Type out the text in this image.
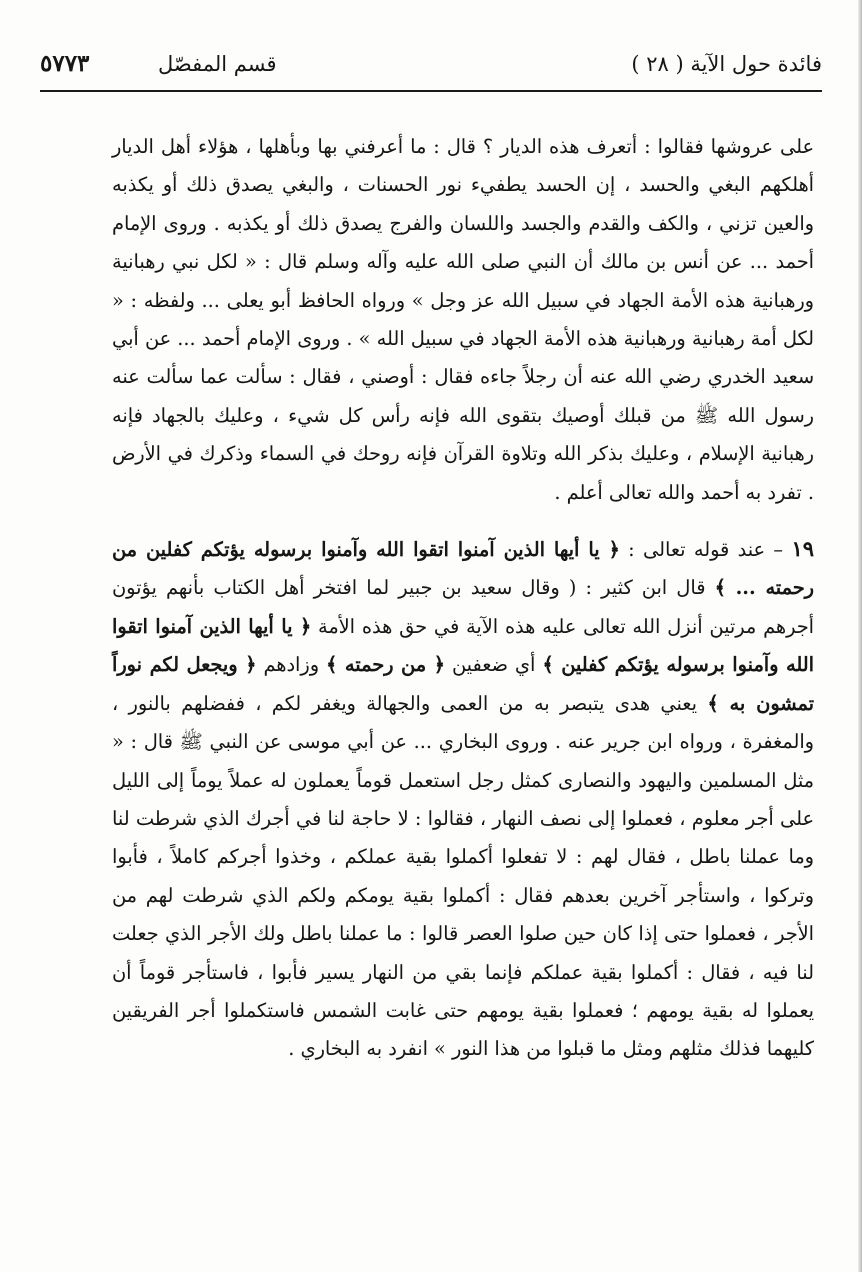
فائدة حول الآية ( ٢٨ )
قسم المفصّل
٥٧٧٣

على عروشها فقالوا : أتعرف هذه الديار ؟ قال : ما أعرفني بها وبأهلها ، هؤلاء أهل الديار أهلكهم البغي والحسد ، إن الحسد يطفيء نور الحسنات ، والبغي يصدق ذلك أو يكذبه والعين تزني ، والكف والقدم والجسد واللسان والفرج يصدق ذلك أو يكذبه . وروى الإمام أحمد ... عن أنس بن مالك أن النبي صلى الله عليه وآله وسلم قال : « لكل نبي رهبانية ورهبانية هذه الأمة الجهاد في سبيل الله عز وجل » ورواه الحافظ أبو يعلى ... ولفظه : « لكل أمة رهبانية ورهبانية هذه الأمة الجهاد في سبيل الله » . وروى الإمام أحمد ... عن أبي سعيد الخدري رضي الله عنه أن رجلاً جاءه فقال : أوصني ، فقال : سألت عما سألت عنه رسول الله ﷺ من قبلك أوصيك بتقوى الله فإنه رأس كل شيء ، وعليك بالجهاد فإنه رهبانية الإسلام ، وعليك بذكر الله وتلاوة القرآن فإنه روحك في السماء وذكرك في الأرض . تفرد به أحمد والله تعالى أعلم .

١٩ – عند قوله تعالى : ﴿ يا أيها الذين آمنوا اتقوا الله وآمنوا برسوله يؤتكم كفلين من رحمته ... ﴾ قال ابن كثير : ( وقال سعيد بن جبير لما افتخر أهل الكتاب بأنهم يؤتون أجرهم مرتين أنزل الله تعالى عليه هذه الآية في حق هذه الأمة ﴿ يا أيها الذين آمنوا اتقوا الله وآمنوا برسوله يؤتكم كفلين ﴾ أي ضعفين ﴿ من رحمته ﴾ وزادهم ﴿ ويجعل لكم نوراً تمشون به ﴾ يعني هدى يتبصر به من العمى والجهالة ويغفر لكم ، ففضلهم بالنور ، والمغفرة ، ورواه ابن جرير عنه . وروى البخاري ... عن أبي موسى عن النبي ﷺ قال : « مثل المسلمين واليهود والنصارى كمثل رجل استعمل قوماً يعملون له عملاً يوماً إلى الليل على أجر معلوم ، فعملوا إلى نصف النهار ، فقالوا : لا حاجة لنا في أجرك الذي شرطت لنا وما عملنا باطل ، فقال لهم : لا تفعلوا أكملوا بقية عملكم ، وخذوا أجركم كاملاً ، فأبوا وتركوا ، واستأجر آخرين بعدهم فقال : أكملوا بقية يومكم ولكم الذي شرطت لهم من الأجر ، فعملوا حتى إذا كان حين صلوا العصر قالوا : ما عملنا باطل ولك الأجر الذي جعلت لنا فيه ، فقال : أكملوا بقية عملكم فإنما بقي من النهار يسير فأبوا ، فاستأجر قوماً أن يعملوا له بقية يومهم ؛ فعملوا بقية يومهم حتى غابت الشمس فاستكملوا أجر الفريقين كليهما فذلك مثلهم ومثل ما قبلوا من هذا النور » انفرد به البخاري .
